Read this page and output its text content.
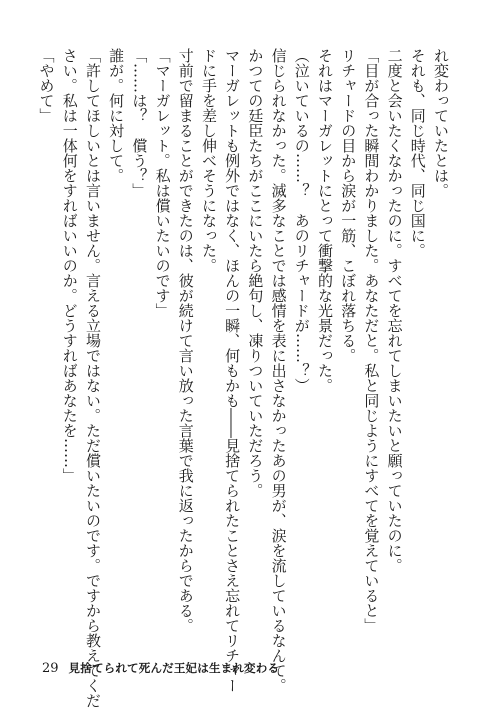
れ変わっていたとは。
それも、同じ時代、同じ国に。
二度と会いたくなかったのに。すべてを忘れてしまいたいと願っていたのに。
「目が合った瞬間わかりました。あなただと。私と同じようにすべてを覚えていると」
リチャードの目から涙が一筋、こぼれ落ちる。
それはマーガレットにとって衝撃的な光景だった。
（泣いているの……？　あのリチャードが……？）
信じられなかった。滅多なことでは感情を表に出さなかったあの男が、涙を流しているなんて。
かつての廷臣たちがここにいたら絶句し、凍りついていただろう。
マーガレットも例外ではなく、ほんの一瞬、何もかも――見捨てられたことさえ忘れてリチャー
ドに手を差し伸べそうになった。
寸前で留まることができたのは、彼が続けて言い放った言葉で我に返ったからである。
「マーガレット。私は償いたいのです」
「……は？　償う？」
誰が。何に対して。
「許してほしいとは言いません。言える立場ではない。ただ償いたいのです。ですから教えてくだ
さい。私は一体何をすればいいのか。どうすればあなたを……」
「やめて」
29 見捨てられて死んだ王妃は生まれ変わる
